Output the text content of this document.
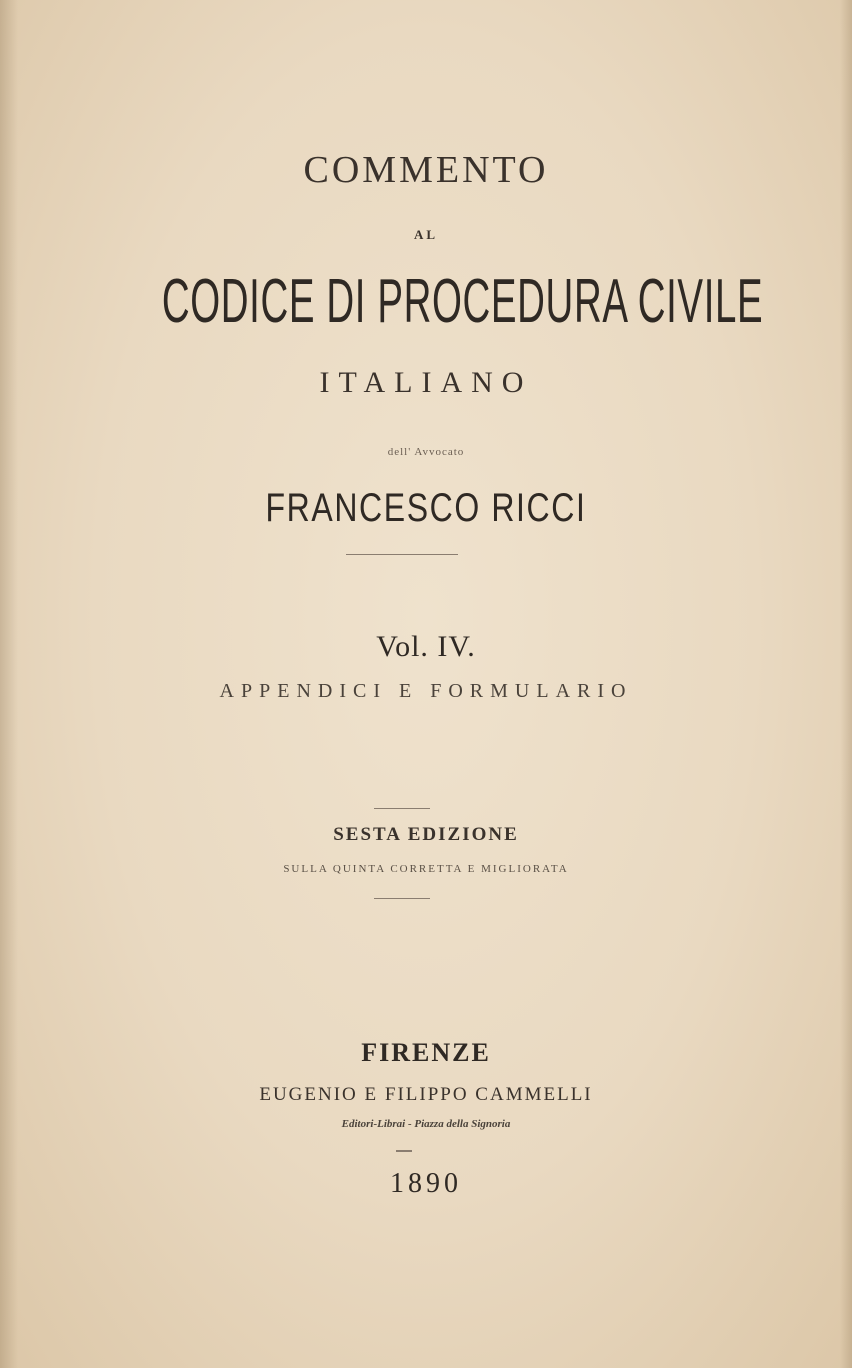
COMMENTO
AL
CODICE DI PROCEDURA CIVILE
ITALIANO
dell' Avvocato
FRANCESCO RICCI
Vol. IV.
APPENDICI E FORMULARIO
SESTA EDIZIONE
SULLA QUINTA CORRETTA E MIGLIORATA
FIRENZE
EUGENIO E FILIPPO CAMMELLI
Editori-Librai - Piazza della Signoria
1890
